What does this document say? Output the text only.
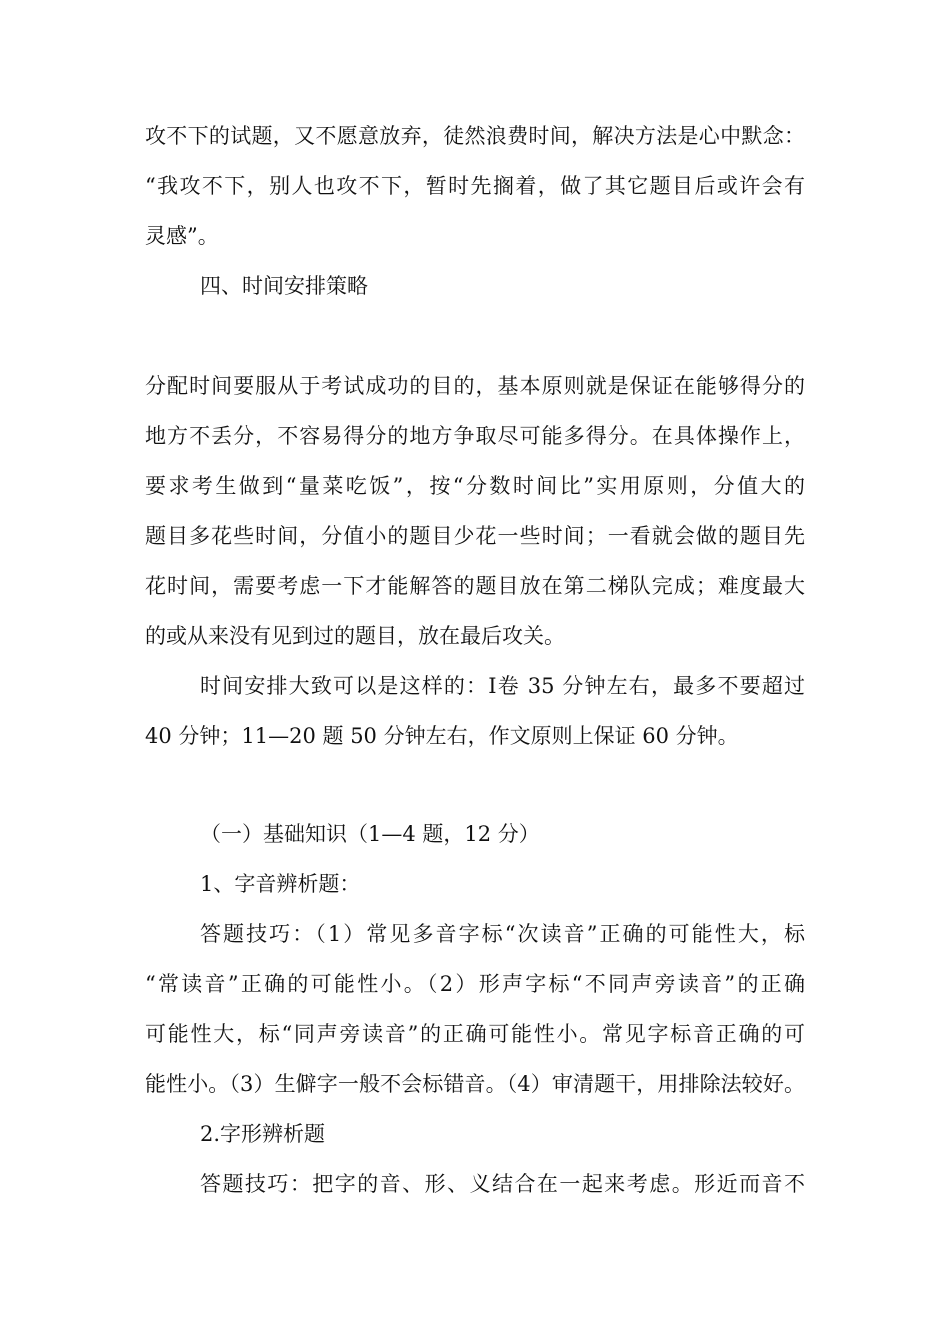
攻不下的试题，又不愿意放弃，徒然浪费时间，解决方法是心中默念：
“我攻不下，别人也攻不下，暂时先搁着，做了其它题目后或许会有
灵感”。
四、时间安排策略
分配时间要服从于考试成功的目的，基本原则就是保证在能够得分的
地方不丢分，不容易得分的地方争取尽可能多得分。在具体操作上，
要求考生做到“量菜吃饭”，按“分数时间比”实用原则，分值大的
题目多花些时间，分值小的题目少花一些时间；一看就会做的题目先
花时间，需要考虑一下才能解答的题目放在第二梯队完成；难度最大
的或从来没有见到过的题目，放在最后攻关。
时间安排大致可以是这样的：Ⅰ卷 35 分钟左右，最多不要超过
40 分钟；11—20 题 50 分钟左右，作文原则上保证 60 分钟。
（一）基础知识（1—4 题，12 分）
1、字音辨析题：
答题技巧：（1）常见多音字标“次读音”正确的可能性大，标
“常读音”正确的可能性小。（2）形声字标“不同声旁读音”的正确
可能性大，标“同声旁读音”的正确可能性小。常见字标音正确的可
能性小。（3）生僻字一般不会标错音。（4）审清题干，用排除法较好。
2.字形辨析题
答题技巧：把字的音、形、义结合在一起来考虑。形近而音不
